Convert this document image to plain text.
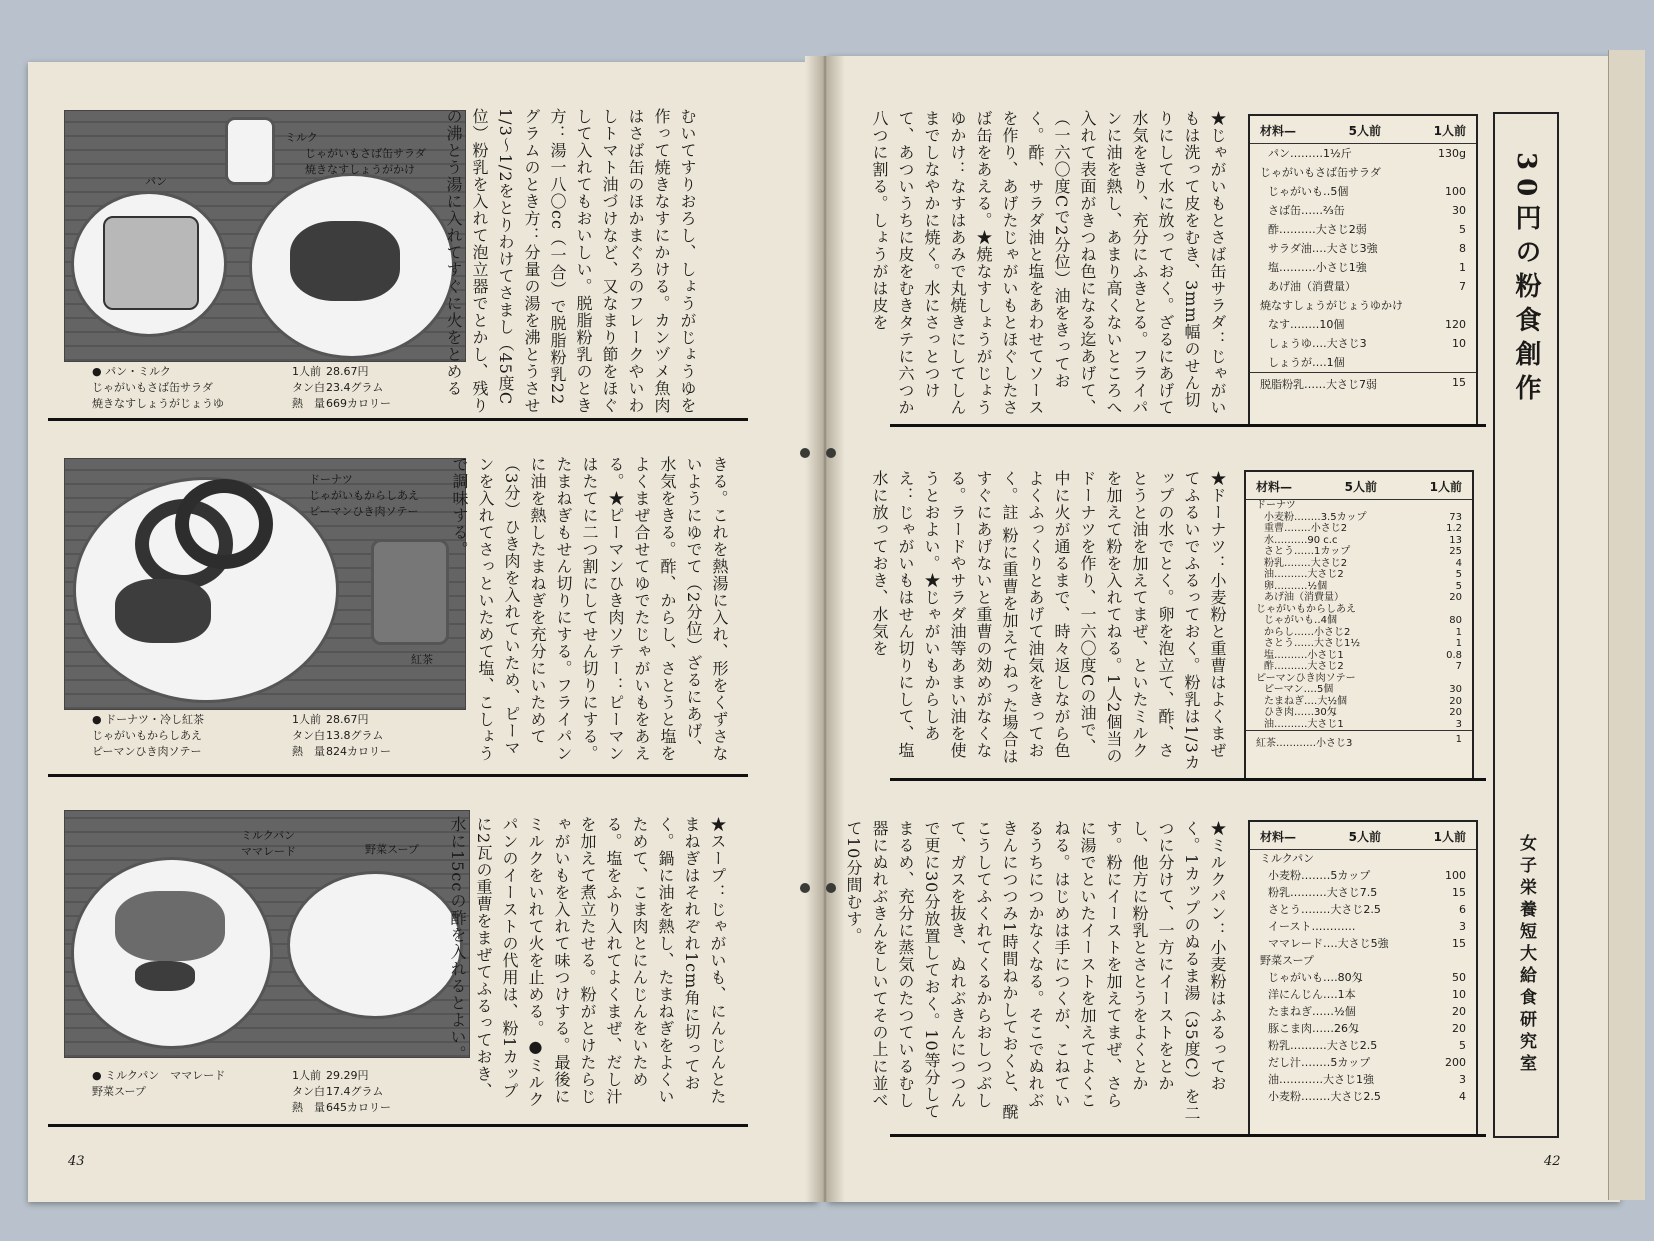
パン
ミルク
じゃがいもさば缶サラダ
焼きなすしょうがかけ
● パン・ミルク	1人前 28.67円
じゃがいもさば缶サラダ	タン白 23.4グラム
焼きなすしょうがじょうゆ	熱　量 669カロリー	むいてすりおろし、しょうがじょうゆを作って焼きなすにかける。カンヅメ魚肉はさば缶のほかまぐろのフレークやいわしトマト油づけなど、又なまり節をほぐして入れてもおいしい。脱脂粉乳のとき方：湯一八〇cc（一合）で脱脂粉乳22グラムのとき方：分量の湯を沸とうさせ1/3〜1/2をとりわけてさまし（45度C位）粉乳を入れて泡立器でとかし、残りの沸とう湯に入れてすぐに火をとめる

ドーナツ
じゃがいもからしあえ
ピーマンひき肉ソテー
紅茶
● ドーナツ・冷し紅茶	1人前 28.67円
じゃがいもからしあえ	タン白 13.8グラム
ピーマンひき肉ソテー	熱　量 824カロリー	きる。これを熱湯に入れ、形をくずさないようにゆでて（2分位）ざるにあげ、水気をきる。酢、からし、さとうと塩をよくまぜ合せてゆでたじゃがいもをあえる。★ピーマンひき肉ソテー：ピーマンはたてに二つ割にしてせん切りにする。たまねぎもせん切りにする。フライパンに油を熱したまねぎを充分にいためて（3分）ひき肉を入れていため、ピーマンを入れてさっといためて塩、こしょうで調味する。

ミルクパン
ママレード	野菜スープ
● ミルクパン　ママレード	1人前 29.29円
野菜スープ	タン白 17.4グラム
熱　量 645カロリー

★スープ：じゃがいも、にんじんとたまねぎはそれぞれ1cm角に切っておく。鍋に油を熱し、たまねぎをよくいためて、こま肉とにんじんをいためる。塩をふり入れてよくまぜ、だし汁を加えて煮立たせる。粉がとけたらじゃがいもを入れて味つけする。最後にミルクをいれて火を止める。●ミルクパンのイーストの代用は、粉1カップに2瓦の重曹をまぜてふるっておき、水に15ccの酢を入れるとよい。

43

★じゃがいもとさば缶サラダ：じゃがいもは洗って皮をむき、3mm幅のせん切りにして水に放っておく。ざるにあげて水気をきり、充分にふきとる。フライパンに油を熱し、あまり高くないところへ入れて表面がきつね色になる迄あげて、（一六〇度Cで2分位）油をきっておく。酢、サラダ油と塩をあわせてソースを作り、あげたじゃがいもとほぐしたさば缶をあえる。★焼なすしょうがじょうゆかけ：なすはあみで丸焼きにしてしんまでしなやかに焼く。水にさっとつけて、あついうちに皮をむきタテに六つか八つに割る。しょうがは皮を	材料—	5人前	1人前
パン………1½斤	130g
じゃがいもさば缶サラダ
じゃがいも‥5個	100
さば缶‥‥‥⅔缶	30
酢‥‥‥‥‥大さじ2弱	5
サラダ油‥‥大さじ3強	8
塩‥‥‥‥‥小さじ1強	1
あげ油（消費量）	7
焼なすしょうがじょうゆかけ
なす‥‥‥‥10個	120
しょうゆ‥‥大さじ3	10
しょうが‥‥1個
脱脂粉乳‥‥‥大さじ7弱	15

★ドーナツ：小麦粉と重曹はよくまぜてふるいでふるっておく。粉乳は1/3カップの水でとく。卵を泡立て、酢、さとうと油を加えてまぜ、といたミルクを加えて粉を入れてねる。1人2個当のドーナツを作り、一六〇度Cの油で、中に火が通るまで、時々返しながら色よくふっくりとあげて油気をきっておく。註 粉に重曹を加えてねった場合はすぐにあげないと重曹の効めがなくなる。ラードやサラダ油等あまい油を使うとおよい。★じゃがいもからしあえ：じゃがいもはせん切りにして、塩水に放っておき、水気を	材料—	5人前	1人前
ドーナツ
小麦粉‥‥‥‥3.5カップ	73
重曹‥‥‥‥小さじ2	1.2
水‥‥‥‥‥90 c.c	13
さとう‥‥‥1カップ	25
粉乳‥‥‥‥大さじ2	4
油‥‥‥‥‥大さじ2	5
卵‥‥‥‥‥½個	5
あげ油（消費量）	20
じゃがいもからしあえ
じゃがいも‥4個	80
からし‥‥‥小さじ2	1
さとう‥‥‥大さじ1½	1
塩‥‥‥‥‥小さじ1	0.8
酢‥‥‥‥‥大さじ2	7
ピーマンひき肉ソテー
ピーマン‥‥5個	30
たまねぎ‥‥大½個	20
ひき肉‥‥‥30匁	20
油‥‥‥‥‥大さじ1	3
紅茶‥‥‥‥‥‥小さじ3	1

★ミルクパン：小麦粉はふるっておく。1カップのぬるま湯（35度C）を二つに分けて、一方にイーストをとかし、他方に粉乳とさとうをよくとかす。粉にイーストを加えてまぜ、さらに湯でといたイーストを加えてよくこねる。はじめは手につくが、こねているうちにつかなくなる。そこでぬれぶきんにつつみ1時間ねかしておくと、醗こうしてふくれてくるからおしつぶして、ガスを抜き、ぬれぶきんにつつんで更に30分放置しておく。10等分してまるめ、充分に蒸気のたつているむし器にぬれぶきんをしいてその上に並べて10分間むす。	材料—	5人前	1人前
ミルクパン
小麦粉‥‥‥‥5カップ	100
粉乳‥‥‥‥‥大さじ7.5	15
さとう‥‥‥‥大さじ2.5	6
イースト‥‥‥‥‥‥	3
ママレード‥‥大さじ5強	15
野菜スープ
じゃがいも‥‥80匁	50
洋にんじん‥‥1本	10
たまねぎ‥‥‥½個	20
豚こま肉‥‥‥26匁	20
粉乳‥‥‥‥‥大さじ2.5	5
だし汁‥‥‥‥5カップ	200
油‥‥‥‥‥‥大さじ1強	3
小麦粉‥‥‥‥大さじ2.5	4
30円の粉食創作
女子栄養短大給食研究室
42
